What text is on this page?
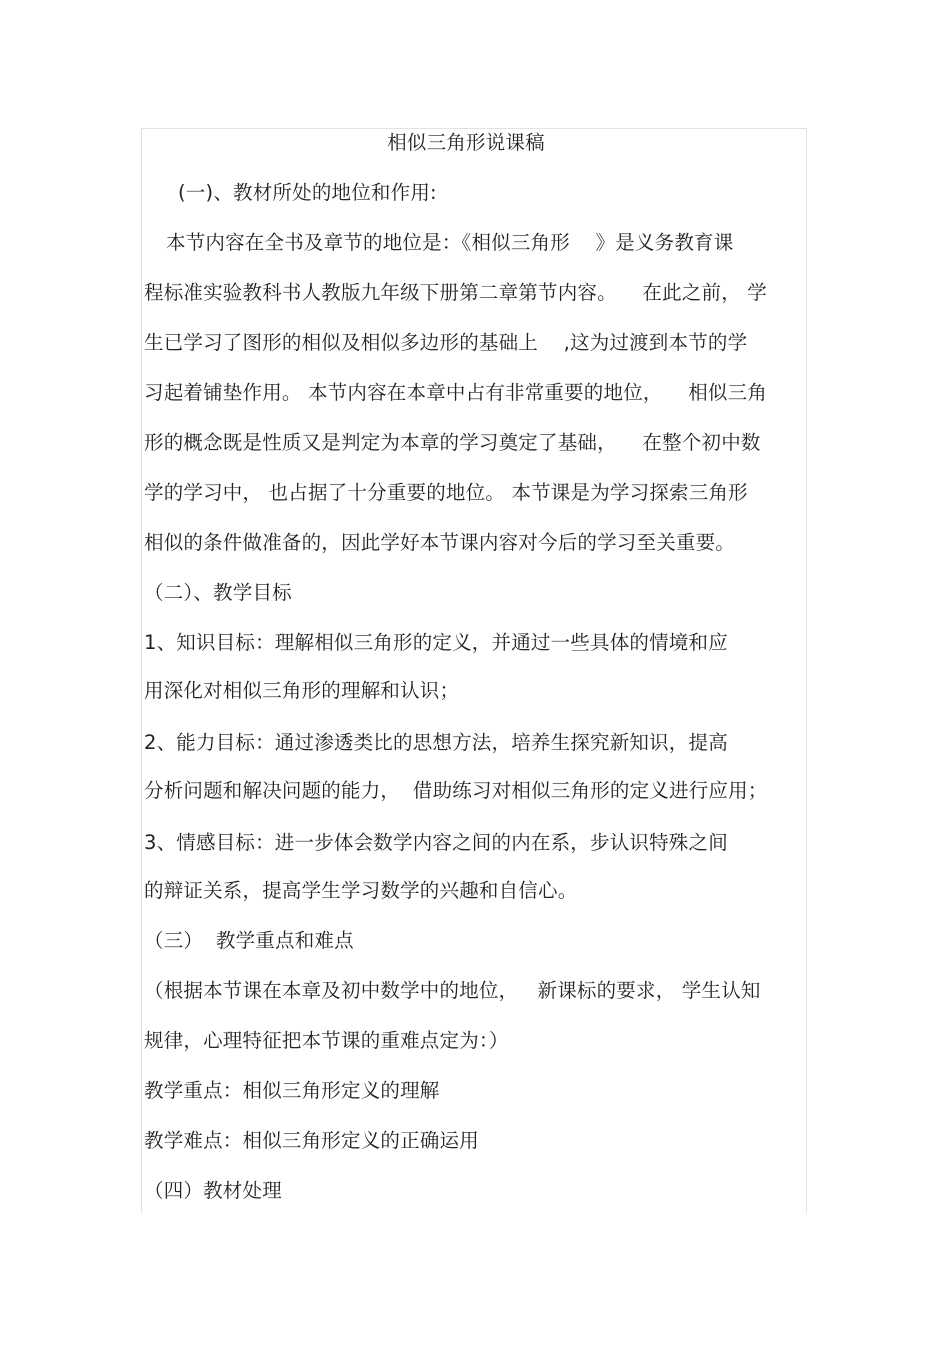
相似三角形说课稿
(一)、教材所处的地位和作用:
本节内容在全书及章节的地位是：《相似三角形    》是义务教育课
程标准实验教科书人教版九年级下册第二章第节内容。    在此之前， 学
生已学习了图形的相似及相似多边形的基础上    ,这为过渡到本节的学
习起着铺垫作用。 本节内容在本章中占有非常重要的地位，    相似三角
形的概念既是性质又是判定为本章的学习奠定了基础，    在整个初中数
学的学习中， 也占据了十分重要的地位。 本节课是为学习探索三角形
相似的条件做准备的，因此学好本节课内容对今后的学习至关重要。
（二）、教学目标
1、知识目标：理解相似三角形的定义，并通过一些具体的情境和应
用深化对相似三角形的理解和认识；
2、能力目标：通过渗透类比的思想方法，培养生探究新知识，提高
分析问题和解决问题的能力，  借助练习对相似三角形的定义进行应用；
3、情感目标：进一步体会数学内容之间的内在系，步认识特殊之间
的辩证关系，提高学生学习数学的兴趣和自信心。
（三）  教学重点和难点
（根据本节课在本章及初中数学中的地位，   新课标的要求， 学生认知
规律，心理特征把本节课的重难点定为：）
教学重点：相似三角形定义的理解
教学难点：相似三角形定义的正确运用
（四）教材处理
